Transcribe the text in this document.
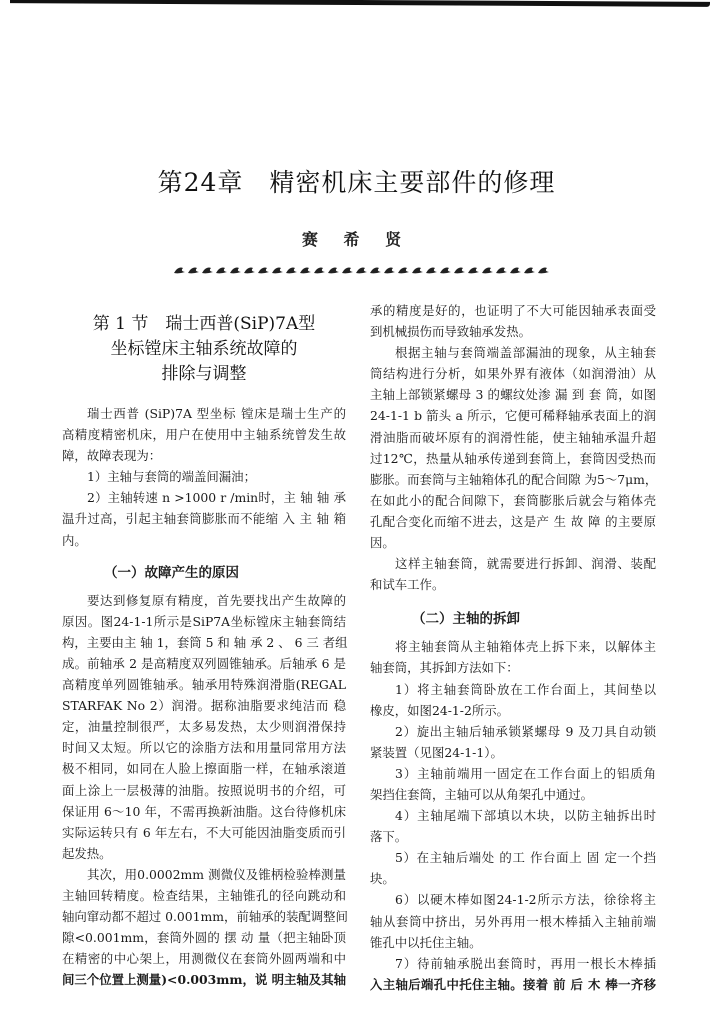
第24章　精密机床主要部件的修理
赛 希 贤
第 1 节　瑞士西普(SiP)7A型
坐标镗床主轴系统故障的
排除与调整
瑞士西普 (SiP)7A 型坐标 镗床是瑞士生产的
高精度精密机床，用户在使用中主轴系统曾发生故
障，故障表现为：
1）主轴与套筒的端盖间漏油；
2）主轴转速 n >1000 r /min时，主 轴 轴 承
温升过高，引起主轴套筒膨胀而不能缩 入 主 轴 箱
内。
（一）故障产生的原因
要达到修复原有精度，首先要找出产生故障的
原因。图24-1-1所示是SiP7A坐标镗床主轴套筒结
构，主要由主 轴 1，套筒 5 和 轴 承 2 、 6 三 者组
成。前轴承 2 是高精度双列圆锥轴承。后轴承 6 是
高精度单列圆锥轴承。轴承用特殊润滑脂(REGAL
STARFAK No 2）润滑。据称油脂要求纯洁而 稳
定，油量控制很严，太多易发热，太少则润滑保持
时间又太短。所以它的涂脂方法和用量同常用方法
极不相同，如同在人脸上擦面脂一样，在轴承滚道
面上涂上一层极薄的油脂。按照说明书的介绍，可
保证用 6～10 年，不需再换新油脂。这台待修机床
实际运转只有 6 年左右，不大可能因油脂变质而引
起发热。
其次，用0.0002mm 测微仪及锥柄检验棒测量
主轴回转精度。检查结果，主轴锥孔的径向跳动和
轴向窜动都不超过 0.001mm，前轴承的装配调整间
隙<0.001mm，套筒外圆的 摆 动 量（把主轴卧顶
在精密的中心架上，用测微仪在套筒外圆两端和中
间三个位置上测量)<0.003mm，说 明主轴及其轴
承的精度是好的，也证明了不大可能因轴承表面受
到机械损伤而导致轴承发热。
根据主轴与套筒端盖部漏油的现象，从主轴套
筒结构进行分析，如果外界有液体（如润滑油）从
主轴上部锁紧螺母 3 的螺纹处渗 漏 到 套 筒，如图
24-1-1 b 箭头 a 所示，它便可稀释轴承表面上的润
滑油脂而破坏原有的润滑性能，使主轴轴承温升超
过12℃，热量从轴承传递到套筒上，套筒因受热而
膨胀。而套筒与主轴箱体孔的配合间隙 为5～7μm，
在如此小的配合间隙下，套筒膨胀后就会与箱体壳
孔配合变化而缩不进去，这是产 生 故 障 的主要原
因。
这样主轴套筒，就需要进行拆卸、润滑、装配
和试车工作。
（二）主轴的拆卸
将主轴套筒从主轴箱体壳上拆下来，以解体主
轴套筒，其拆卸方法如下：
1）将主轴套筒卧放在工作台面上，其间垫以
橡皮，如图24-1-2所示。
2）旋出主轴后轴承锁紧螺母 9 及刀具自动锁
紧装置（见图24-1-1）。
3）主轴前端用一固定在工作台面上的铝质角
架挡住套筒，主轴可以从角架孔中通过。
4）主轴尾端下部填以木块，以防主轴拆出时
落下。
5）在主轴后端处 的工 作台面上 固 定一个挡
块。
6）以硬木棒如图24-1-2所示方法，徐徐将主
轴从套筒中挤出，另外再用一根木棒插入主轴前端
锥孔中以托住主轴。
7）待前轴承脱出套筒时，再用一根长木棒插
入主轴后端孔中托住主轴。接着 前 后 木 棒一齐移
